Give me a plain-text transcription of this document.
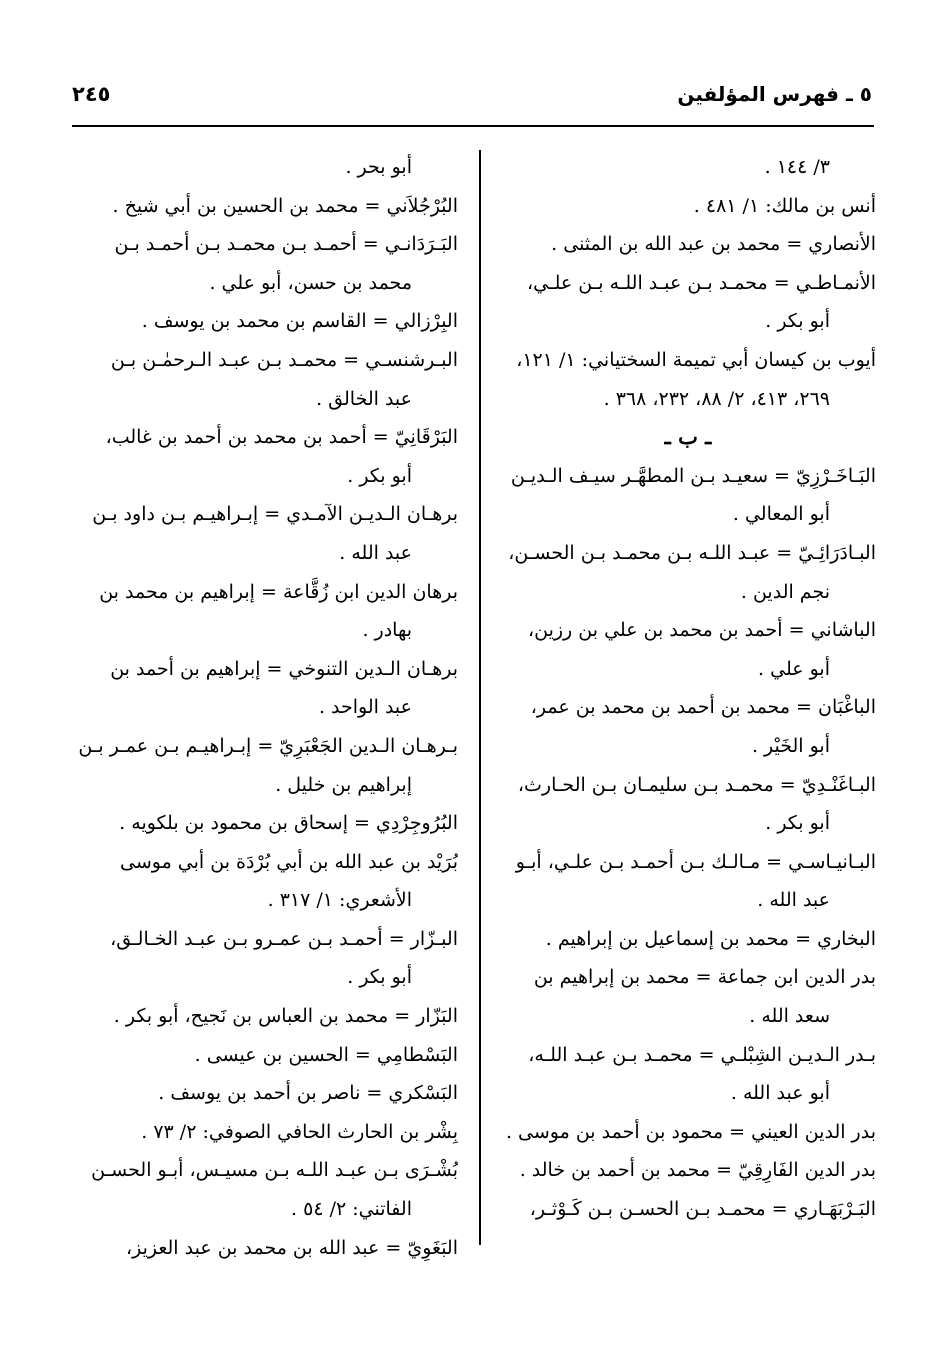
٢٤٥	٥ ـ فهرس المؤلفين
٣/ ١٤٤ .
أنس بن مالك: ١/ ٤٨١ .
الأنصاري = محمد بن عبد الله بن المثنى .
الأنمـاطـي = محمـد بـن عبـد اللـه بـن علـي،
أبو بكر .
أيوب بن كيسان أبي تميمة السختياني: ١/ ١٢١،
٢٦٩، ٤١٣، ٢/ ٨٨، ٢٣٢، ٣٦٨ .
ـ ب ـ
البَـاخَـرْزِيّ = سعيـد بـن المطهَّـر سيـف الـديـن
أبو المعالي .
البـادَرَائِـيّ = عبـد اللـه بـن محمـد بـن الحسـن،
نجم الدين .
الباشاني = أحمد بن محمد بن علي بن رزين،
أبو علي .
الباغْبَان = محمد بن أحمد بن محمد بن عمر،
أبو الخَيْر .
البـاغَنْـدِيّ = محمـد بـن سليمـان بـن الحـارث،
أبو بكر .
البـانيـاسـي = مـالـك بـن أحمـد بـن علـي، أبـو
عبد الله .
البخاري = محمد بن إسماعيل بن إبراهيم .
بدر الدين ابن جماعة = محمد بن إبراهيم بن
سعد الله .
بـدر الـديـن الشِبْلـي = محمـد بـن عبـد اللـه،
أبو عبد الله .
بدر الدين العيني = محمود بن أحمد بن موسى .
بدر الدين الفَارِقِيّ = محمد بن أحمد بن خالد .
البَـرْبَهَـاري = محمـد بـن الحسـن بـن كَـوْثـر،
أبو بحر .
البُرْجُلاَني = محمد بن الحسين بن أبي شيخ .
البَـرَدَانـي = أحمـد بـن محمـد بـن أحمـد بـن
محمد بن حسن، أبو علي .
البِرْزالي = القاسم بن محمد بن يوسف .
البـرشنسـي = محمـد بـن عبـد الـرحمٰـن بـن
عبد الخالق .
البَرْقَانِيّ = أحمد بن محمد بن أحمد بن غالب،
أبو بكر .
برهـان الـديـن الآمـدي = إبـراهيـم بـن داود بـن
عبد الله .
برهان الدين ابن زُقَّاعة = إبراهيم بن محمد بن
بهادر .
برهـان الـدين التنوخي = إبراهيم بن أحمد بن
عبد الواحد .
بـرهـان الـدين الجَعْبَرِيّ = إبـراهيـم بـن عمـر بـن
إبراهيم بن خليل .
البُرُوجِرْدِي = إسحاق بن محمود بن بلكويه .
بُرَيْد بن عبد الله بن أبي بُرْدَة بن أبي موسى
الأشعري: ١/ ٣١٧ .
البـزّار = أحمـد بـن عمـرو بـن عبـد الخـالـق،
أبو بكر .
البَزّار = محمد بن العباس بن نَجيح، أبو بكر .
البَسْطامِي = الحسين بن عيسى .
البَسْكري = ناصر بن أحمد بن يوسف .
بِشْر بن الحارث الحافي الصوفي: ٢/ ٧٣ .
بُشْـرَى بـن عبـد اللـه بـن مسيـس، أبـو الحسـن
الفاتني: ٢/ ٥٤ .
البَغَوِيّ = عبد الله بن محمد بن عبد العزيز،
